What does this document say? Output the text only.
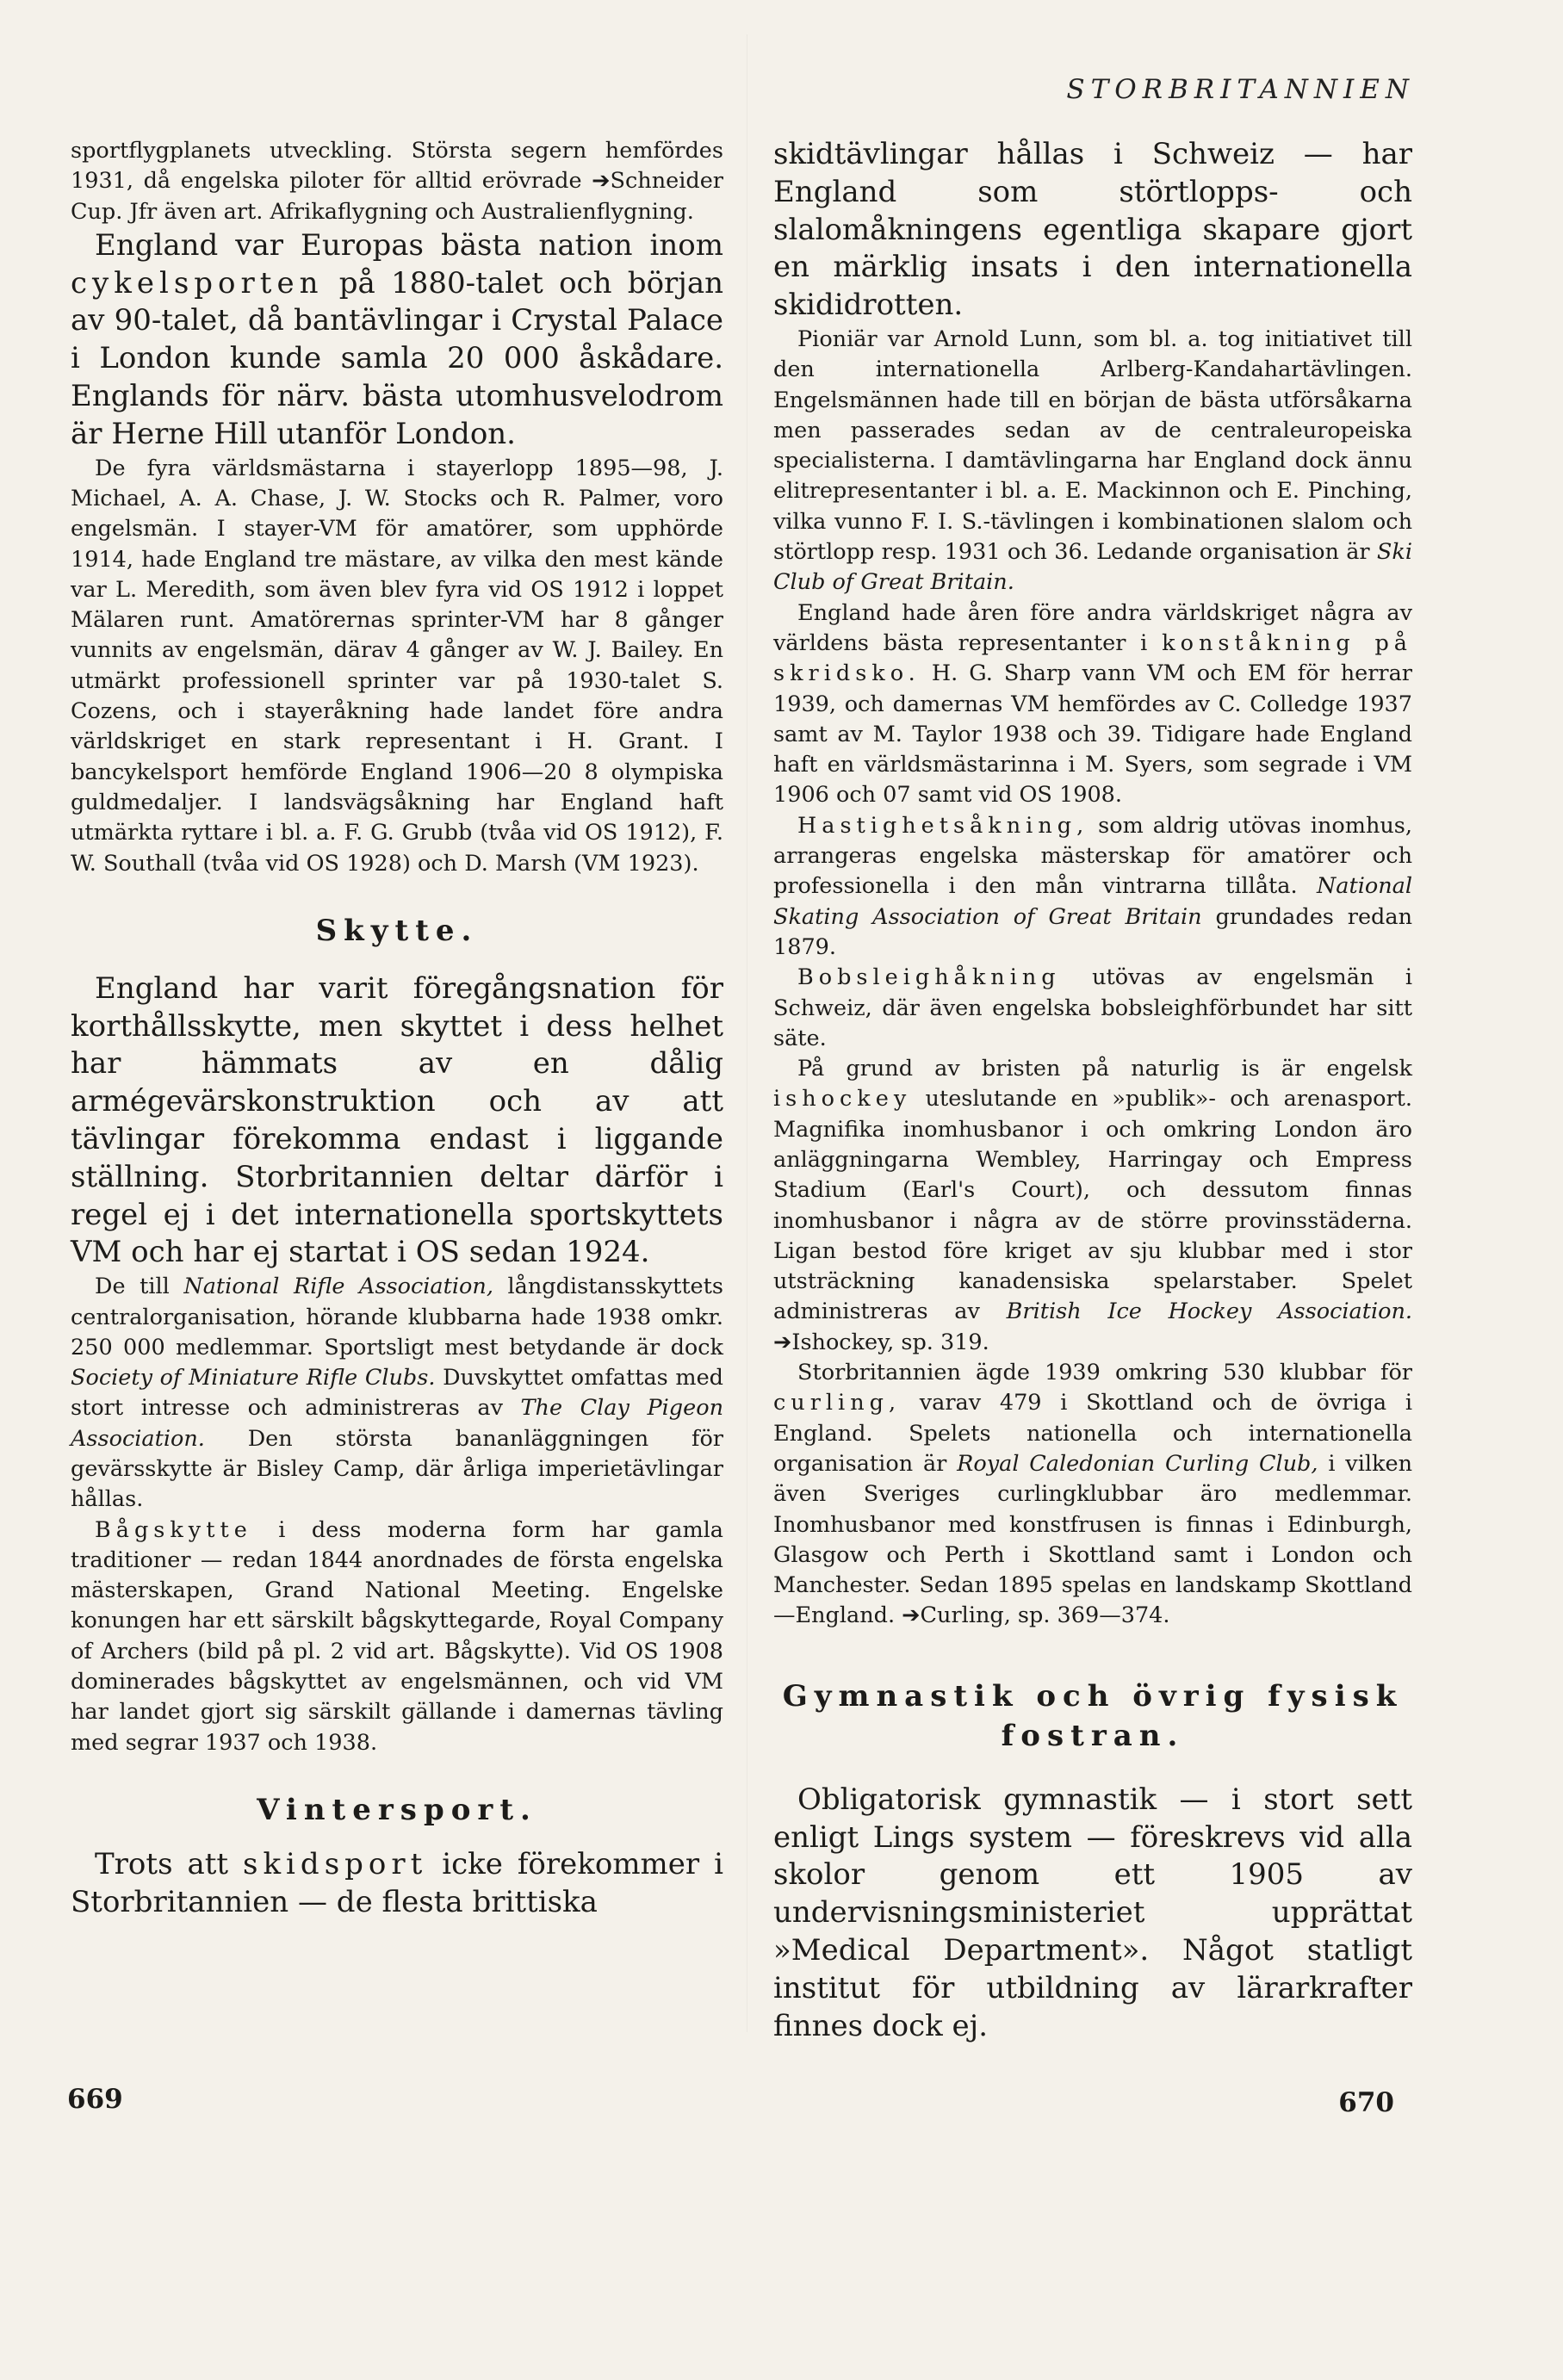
STORBRITANNIEN

sportflygplanets utveckling. Största segern hemfördes 1931, då engelska piloter för alltid erövrade ➔Schneider Cup. Jfr även art. Afrikaflygning och Australienflygning.

England var Europas bästa nation inom cykelsporten på 1880-talet och början av 90-talet, då bantävlingar i Crystal Palace i London kunde samla 20 000 åskådare. Englands för närv. bästa utomhusvelodrom är Herne Hill utanför London.

De fyra världsmästarna i stayerlopp 1895—98, J. Michael, A. A. Chase, J. W. Stocks och R. Palmer, voro engelsmän. I stayer-VM för amatörer, som upphörde 1914, hade England tre mästare, av vilka den mest kände var L. Meredith, som även blev fyra vid OS 1912 i loppet Mälaren runt. Amatörernas sprinter-VM har 8 gånger vunnits av engelsmän, därav 4 gånger av W. J. Bailey. En utmärkt professionell sprinter var på 1930-talet S. Cozens, och i stayeråkning hade landet före andra världskriget en stark representant i H. Grant. I bancykelsport hemförde England 1906—20 8 olympiska guldmedaljer. I landsvägsåkning har England haft utmärkta ryttare i bl. a. F. G. Grubb (tvåa vid OS 1912), F. W. Southall (tvåa vid OS 1928) och D. Marsh (VM 1923).

Skytte.

England har varit föregångsnation för korthållsskytte, men skyttet i dess helhet har hämmats av en dålig armégevärskonstruktion och av att tävlingar förekomma endast i liggande ställning. Storbritannien deltar därför i regel ej i det internationella sportskyttets VM och har ej startat i OS sedan 1924.

De till National Rifle Association, långdistansskyttets centralorganisation, hörande klubbarna hade 1938 omkr. 250 000 medlemmar. Sportsligt mest betydande är dock Society of Miniature Rifle Clubs. Duvskyttet omfattas med stort intresse och administreras av The Clay Pigeon Association. Den största bananläggningen för gevärsskytte är Bisley Camp, där årliga imperietävlingar hållas.

Bågskytte i dess moderna form har gamla traditioner — redan 1844 anordnades de första engelska mästerskapen, Grand National Meeting. Engelske konungen har ett särskilt bågskyttegarde, Royal Company of Archers (bild på pl. 2 vid art. Bågskytte). Vid OS 1908 dominerades bågskyttet av engelsmännen, och vid VM har landet gjort sig särskilt gällande i damernas tävling med segrar 1937 och 1938.

Vintersport.

Trots att skidsport icke förekommer i Storbritannien — de flesta brittiska

669

skidtävlingar hållas i Schweiz — har England som störtlopps- och slalomåkningens egentliga skapare gjort en märklig insats i den internationella skididrotten.

Pioniär var Arnold Lunn, som bl. a. tog initiativet till den internationella Arlberg-Kandahartävlingen. Engelsmännen hade till en början de bästa utförsåkarna men passerades sedan av de centraleuropeiska specialisterna. I damtävlingarna har England dock ännu elitrepresentanter i bl. a. E. Mackinnon och E. Pinching, vilka vunno F. I. S.-tävlingen i kombinationen slalom och störtlopp resp. 1931 och 36. Ledande organisation är Ski Club of Great Britain.

England hade åren före andra världskriget några av världens bästa representanter i konståkning på skridsko. H. G. Sharp vann VM och EM för herrar 1939, och damernas VM hemfördes av C. Colledge 1937 samt av M. Taylor 1938 och 39. Tidigare hade England haft en världsmästarinna i M. Syers, som segrade i VM 1906 och 07 samt vid OS 1908.

Hastighetsåkning, som aldrig utövas inomhus, arrangeras engelska mästerskap för amatörer och professionella i den mån vintrarna tillåta. National Skating Association of Great Britain grundades redan 1879.

Bobsleighåkning utövas av engelsmän i Schweiz, där även engelska bobsleighförbundet har sitt säte.

På grund av bristen på naturlig is är engelsk ishockey uteslutande en »publik»- och arenasport. Magnifika inomhusbanor i och omkring London äro anläggningarna Wembley, Harringay och Empress Stadium (Earl's Court), och dessutom finnas inomhusbanor i några av de större provinsstäderna. Ligan bestod före kriget av sju klubbar med i stor utsträckning kanadensiska spelarstaber. Spelet administreras av British Ice Hockey Association. ➔Ishockey, sp. 319.

Storbritannien ägde 1939 omkring 530 klubbar för curling, varav 479 i Skottland och de övriga i England. Spelets nationella och internationella organisation är Royal Caledonian Curling Club, i vilken även Sveriges curlingklubbar äro medlemmar. Inomhusbanor med konstfrusen is finnas i Edinburgh, Glasgow och Perth i Skottland samt i London och Manchester. Sedan 1895 spelas en landskamp Skottland—England. ➔Curling, sp. 369—374.

Gymnastik och övrig fysisk fostran.

Obligatorisk gymnastik — i stort sett enligt Lings system — föreskrevs vid alla skolor genom ett 1905 av undervisningsministeriet upprättat »Medical Department». Något statligt institut för utbildning av lärarkrafter finnes dock ej.

670
